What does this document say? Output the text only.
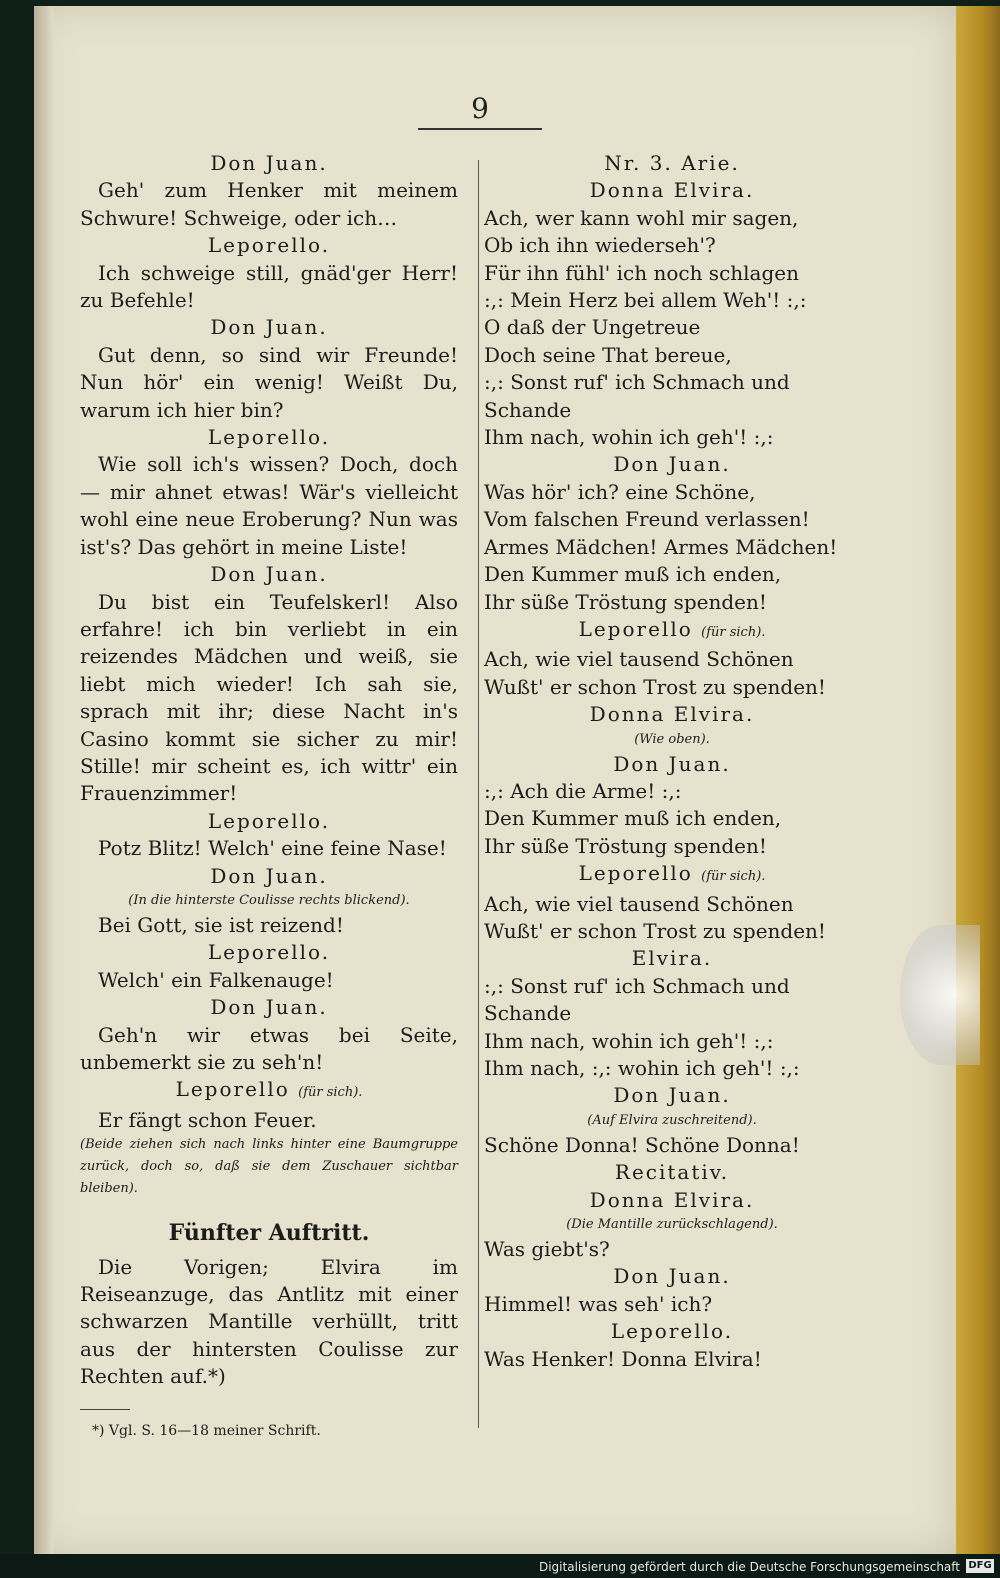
9
Don Juan.
Geh' zum Henker mit meinem Schwure! Schweige, oder ich…
Leporello.
Ich schweige still, gnäd'ger Herr! zu Befehle!
Don Juan.
Gut denn, so sind wir Freunde! Nun hör' ein wenig! Weißt Du, warum ich hier bin?
Leporello.
Wie soll ich's wissen? Doch, doch — mir ahnet etwas! Wär's vielleicht wohl eine neue Eroberung? Nun was ist's? Das gehört in meine Liste!
Don Juan.
Du bist ein Teufelskerl! Also erfahre! ich bin verliebt in ein reizendes Mädchen und weiß, sie liebt mich wieder! Ich sah sie, sprach mit ihr; diese Nacht in's Casino kommt sie sicher zu mir! Stille! mir scheint es, ich wittr' ein Frauenzimmer!
Leporello.
Potz Blitz! Welch' eine feine Nase!
Don Juan.
(In die hinterste Coulisse rechts blickend).
Bei Gott, sie ist reizend!
Leporello.
Welch' ein Falkenauge!
Don Juan.
Geh'n wir etwas bei Seite, unbemerkt sie zu seh'n!
Leporello (für sich).
Er fängt schon Feuer.
(Beide ziehen sich nach links hinter eine Baumgruppe zurück, doch so, daß sie dem Zuschauer sichtbar bleiben).
Fünfter Auftritt.
Die Vorigen; Elvira im Reiseanzuge, das Antlitz mit einer schwarzen Mantille verhüllt, tritt aus der hintersten Coulisse zur Rechten auf.*)
*) Vgl. S. 16—18 meiner Schrift.
Nr. 3. Arie.
Donna Elvira.
Ach, wer kann wohl mir sagen,
Ob ich ihn wiederseh'?
Für ihn fühl' ich noch schlagen
:,: Mein Herz bei allem Weh'! :,:
O daß der Ungetreue
Doch seine That bereue,
:,: Sonst ruf' ich Schmach und Schande
Ihm nach, wohin ich geh'! :,:
Don Juan.
Was hör' ich? eine Schöne,
Vom falschen Freund verlassen!
Armes Mädchen! Armes Mädchen!
Den Kummer muß ich enden,
Ihr süße Tröstung spenden!
Leporello (für sich).
Ach, wie viel tausend Schönen
Wußt' er schon Trost zu spenden!
Donna Elvira.
(Wie oben).
Don Juan.
:,: Ach die Arme! :,:
Den Kummer muß ich enden,
Ihr süße Tröstung spenden!
Leporello (für sich).
Ach, wie viel tausend Schönen
Wußt' er schon Trost zu spenden!
Elvira.
:,: Sonst ruf' ich Schmach und Schande
Ihm nach, wohin ich geh'! :,:
Ihm nach, :,: wohin ich geh'! :,:
Don Juan.
(Auf Elvira zuschreitend).
Schöne Donna! Schöne Donna!
Recitativ.
Donna Elvira.
(Die Mantille zurückschlagend).
Was giebt's?
Don Juan.
Himmel! was seh' ich?
Leporello.
Was Henker! Donna Elvira!
Digitalisierung gefördert durch die Deutsche Forschungsgemeinschaft DFG
